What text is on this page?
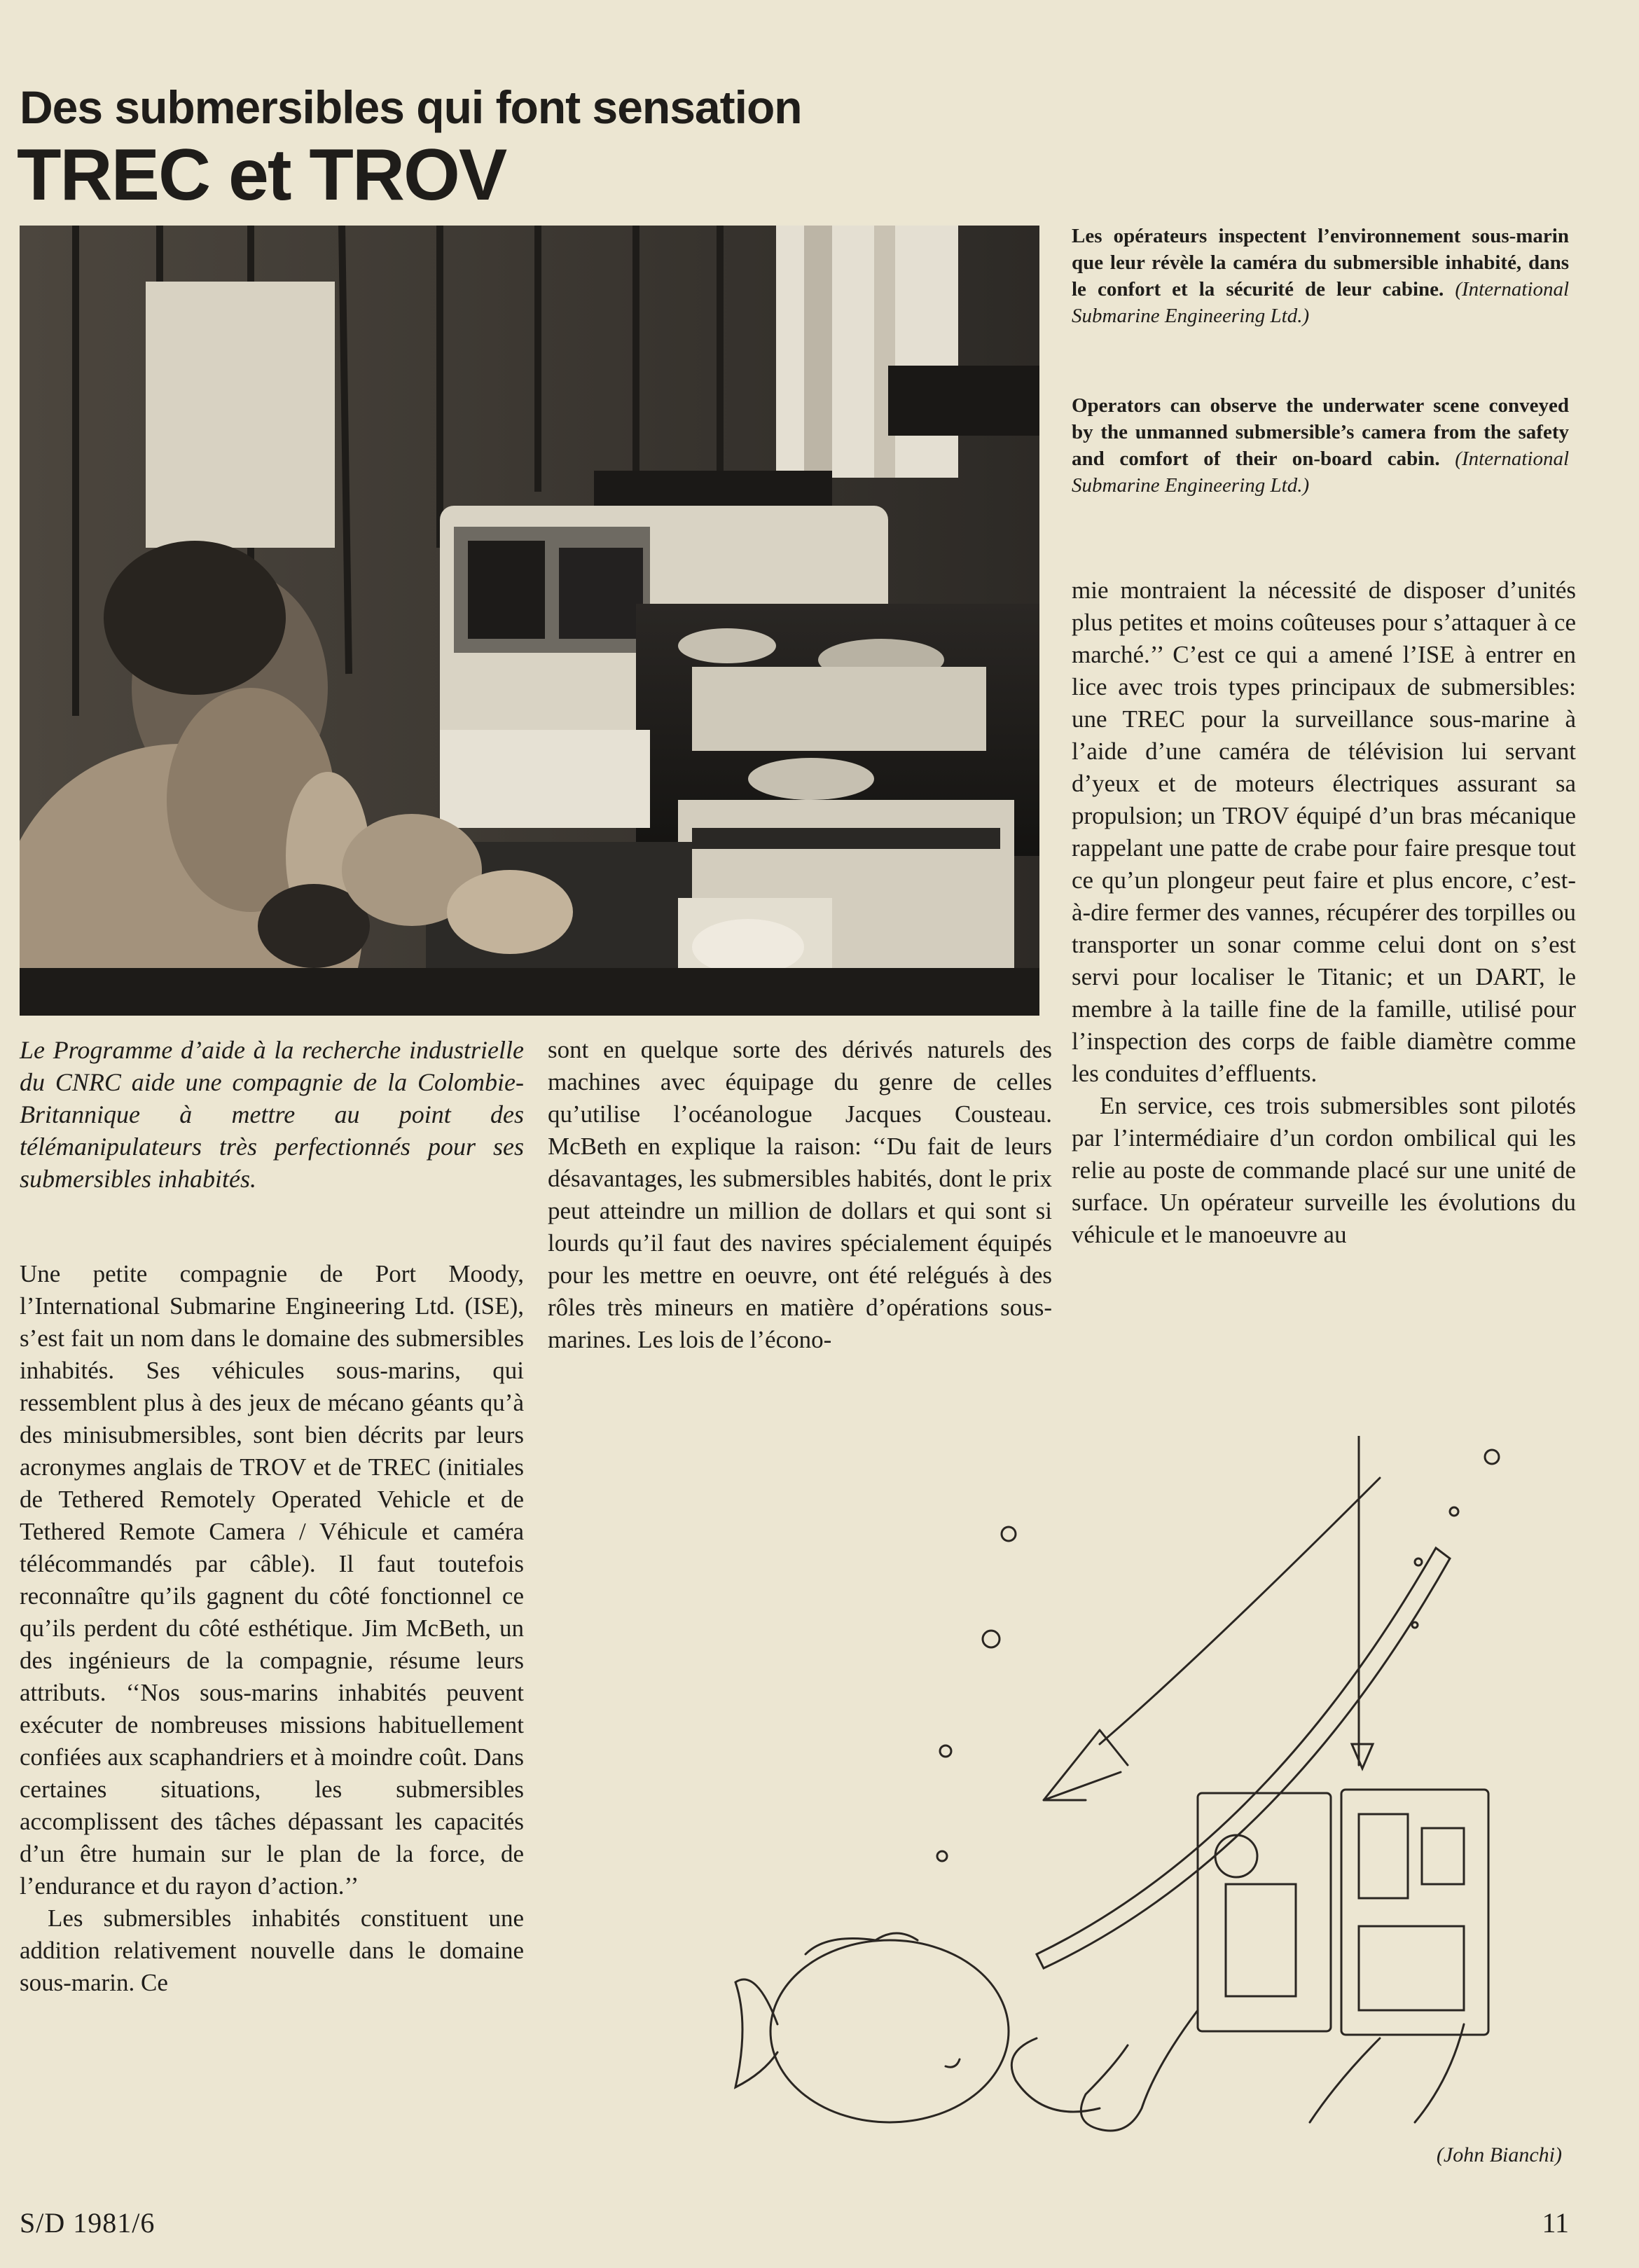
Des submersibles qui font sensation
TREC et TROV
Les opérateurs inspectent l’environnement sous-marin que leur révèle la caméra du submersible inhabité, dans le confort et la sécurité de leur cabine. (International Submarine Engineering Ltd.)
Operators can observe the underwater scene conveyed by the unmanned submersible’s camera from the safety and comfort of their on-board cabin. (International Submarine Engineering Ltd.)
Le Programme d’aide à la recherche industrielle du CNRC aide une compagnie de la Colombie-Britannique à mettre au point des télémanipulateurs très perfectionnés pour ses submersibles inhabités.

Une petite compagnie de Port Moody, l’International Submarine Engineering Ltd. (ISE), s’est fait un nom dans le domaine des submersibles inhabités. Ses véhicules sous-marins, qui ressemblent plus à des jeux de mécano géants qu’à des minisubmersibles, sont bien décrits par leurs acronymes anglais de TROV et de TREC (initiales de Tethered Remotely Operated Vehicle et de Tethered Remote Camera / Véhicule et caméra télécommandés par câble). Il faut toutefois reconnaître qu’ils gagnent du côté fonctionnel ce qu’ils perdent du côté esthétique. Jim McBeth, un des ingénieurs de la compagnie, résume leurs attributs. ‘‘Nos sous-marins inhabités peuvent exécuter de nombreuses missions habituellement confiées aux scaphandriers et à moindre coût. Dans certaines situations, les submersibles accomplissent des tâches dépassant les capacités d’un être humain sur le plan de la force, de l’endurance et du rayon d’action.’’

Les submersibles inhabités constituent une addition relativement nouvelle dans le domaine sous-marin. Ce

sont en quelque sorte des dérivés naturels des machines avec équipage du genre de celles qu’utilise l’océanologue Jacques Cousteau. McBeth en explique la raison: ‘‘Du fait de leurs désavantages, les submersibles habités, dont le prix peut atteindre un million de dollars et qui sont si lourds qu’il faut des navires spécialement équipés pour les mettre en oeuvre, ont été relégués à des rôles très mineurs en matière d’opérations sous-marines. Les lois de l’écono-

mie montraient la nécessité de disposer d’unités plus petites et moins coûteuses pour s’attaquer à ce marché.’’ C’est ce qui a amené l’ISE à entrer en lice avec trois types principaux de submersibles: une TREC pour la surveillance sous-marine à l’aide d’une caméra de télévision lui servant d’yeux et de moteurs électriques assurant sa propulsion; un TROV équipé d’un bras mécanique rappelant une patte de crabe pour faire presque tout ce qu’un plongeur peut faire et plus encore, c’est-à-dire fermer des vannes, récupérer des torpilles ou transporter un sonar comme celui dont on s’est servi pour localiser le Titanic; et un DART, le membre à la taille fine de la famille, utilisé pour l’inspection des corps de faible diamètre comme les conduites d’effluents.

En service, ces trois submersibles sont pilotés par l’intermédiaire d’un cordon ombilical qui les relie au poste de commande placé sur une unité de surface. Un opérateur surveille les évolutions du véhicule et le manoeuvre au

(John Bianchi)
S/D 1981/6	11
